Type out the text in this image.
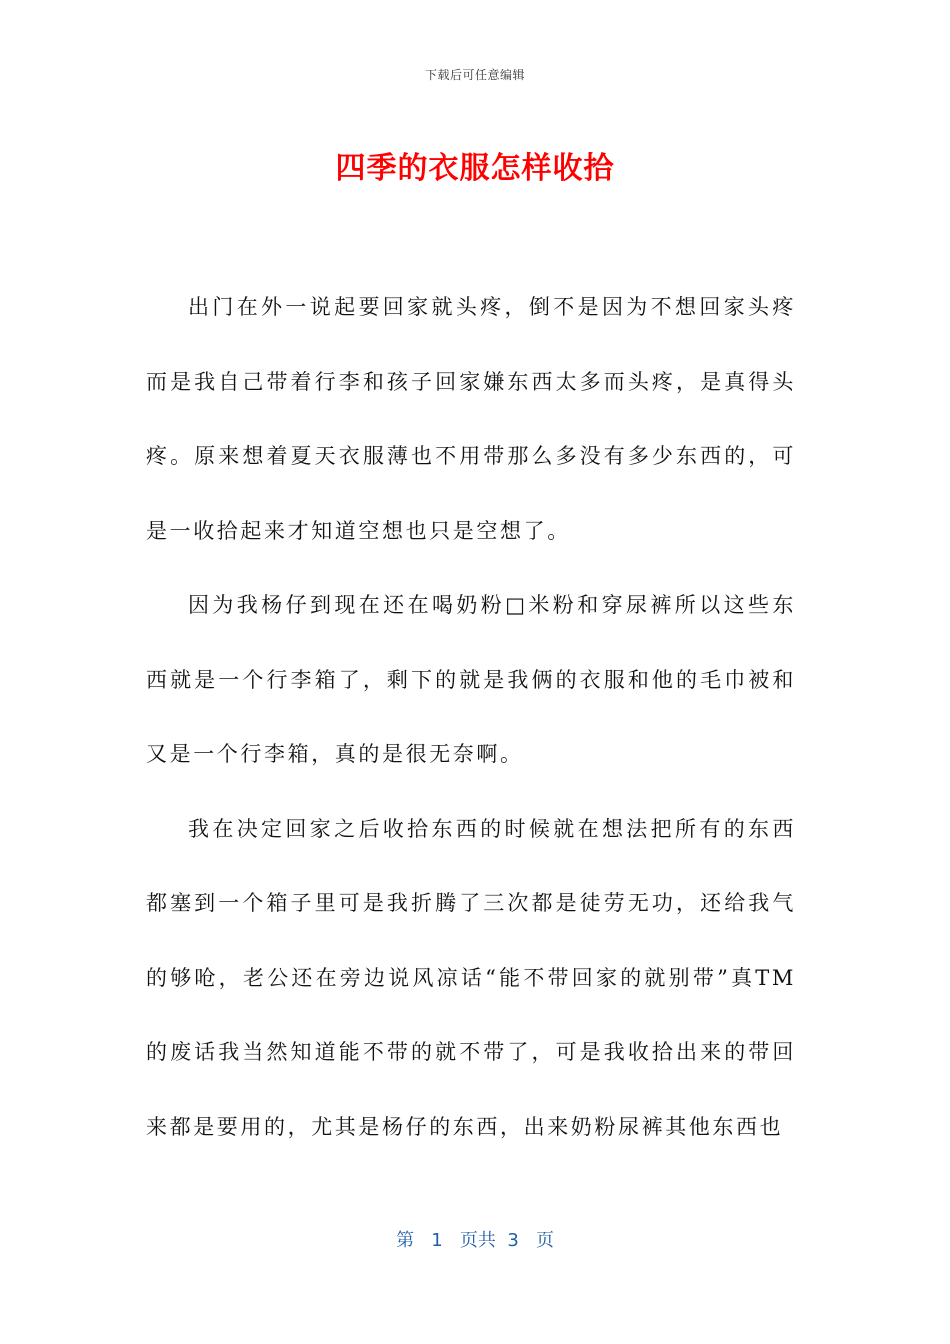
下载后可任意编辑
四季的衣服怎样收拾

出门在外一说起要回家就头疼，倒不是因为不想回家头疼而是我自己带着行李和孩子回家嫌东西太多而头疼，是真得头疼。原来想着夏天衣服薄也不用带那么多没有多少东西的，可是一收拾起来才知道空想也只是空想了。

因为我杨仔到现在还在喝奶粉□米粉和穿尿裤所以这些东西就是一个行李箱了，剩下的就是我俩的衣服和他的毛巾被和又是一个行李箱，真的是很无奈啊。

我在决定回家之后收拾东西的时候就在想法把所有的东西都塞到一个箱子里可是我折腾了三次都是徒劳无功，还给我气的够呛，老公还在旁边说风凉话“能不带回家的就别带”真TM的废话我当然知道能不带的就不带了，可是我收拾出来的带回来都是要用的，尤其是杨仔的东西，出来奶粉尿裤其他东西也

第 1 页共 3 页
